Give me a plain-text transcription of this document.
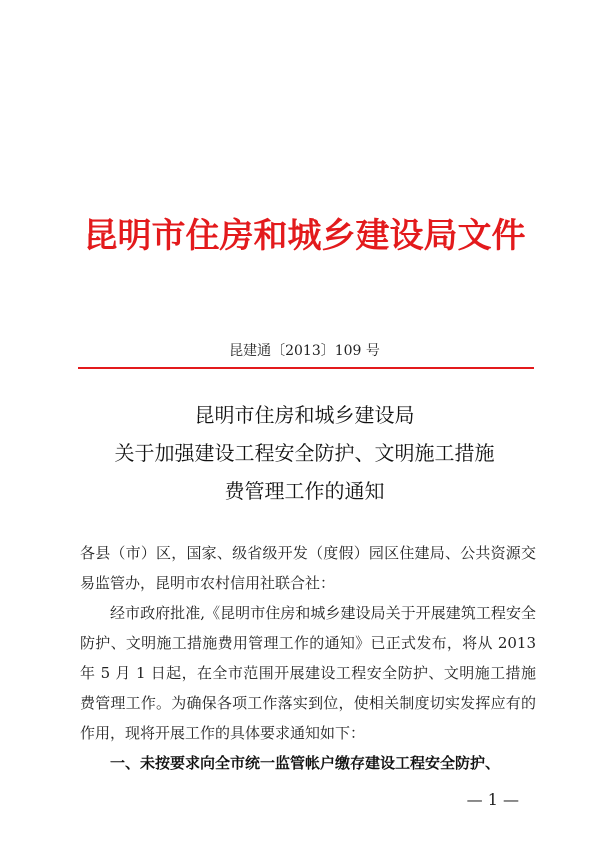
昆明市住房和城乡建设局文件
昆建通〔2013〕109 号
昆明市住房和城乡建设局
关于加强建设工程安全防护、文明施工措施
费管理工作的通知

各县（市）区，国家、级省级开发（度假）园区住建局、公共资源交易监管办，昆明市农村信用社联合社：

经市政府批准,《昆明市住房和城乡建设局关于开展建筑工程安全防护、文明施工措施费用管理工作的通知》已正式发布，将从 2013 年 5 月 1 日起，在全市范围开展建设工程安全防护、文明施工措施费管理工作。为确保各项工作落实到位，使相关制度切实发挥应有的作用，现将开展工作的具体要求通知如下：

一、未按要求向全市统一监管帐户缴存建设工程安全防护、

— 1 —
